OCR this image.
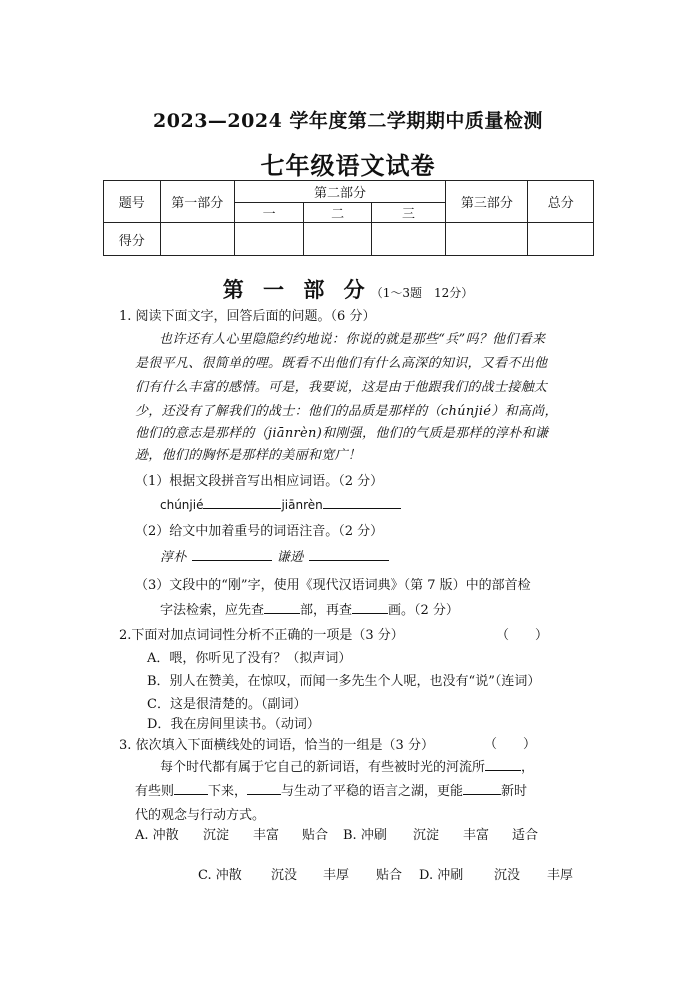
2023—2024 学年度第二学期期中质量检测
七年级语文试卷
题号	第一部分	第二部分			第三部分	总分
		一	二	三		
得分						
第 一 部 分（1～3题　12分）
1. 阅读下面文字，回答后面的问题。（6 分）
也许还有人心里隐隐约约地说：你说的就是那些“兵”吗？他们看来
是很平凡、很简单的哩。既看不出他们有什么高深的知识，又看不出他
们有什么丰富的感情。可是，我要说，这是由于他跟我们的战士接触太
少，还没有了解我们的战士：他们的品质是那样的（chúnjié）和高尚，
他们的意志是那样的（jiānrèn)和刚强，他们的气质是那样的淳朴和谦
逊，他们的胸怀是那样的美丽和宽广！
（1）根据文段拼音写出相应词语。（2 分）
chúnjié	jiānrèn
（2）给文中加着重号的词语注音。（2 分）
淳朴	谦逊
（3）文段中的“刚”字，使用《现代汉语词典》（第 7 版）中的部首检
字法检索，应先查	部，再查	画。（2 分）
2.下面对加点词词性分析不正确的一项是（3 分）	（　　）
A．喂，你听见了没有？（拟声词）
B．别人在赞美，在惊叹，而闻一多先生个人呢，也没有“说”（连词）
C．这是很清楚的。（副词）
D．我在房间里读书。（动词）
3. 依次填入下面横线处的词语，恰当的一组是（3 分）	（　　）
每个时代都有属于它自己的新词语，有些被时光的河流所	，
有些则	下来，	与生动了平稳的语言之湖，更能	新时
代的观念与行动方式。
A. 冲散 沉淀 丰富 贴合 B. 冲刷 沉淀 丰富 适合
C. 冲散 沉没 丰厚 贴合 D. 冲刷 沉没 丰厚
